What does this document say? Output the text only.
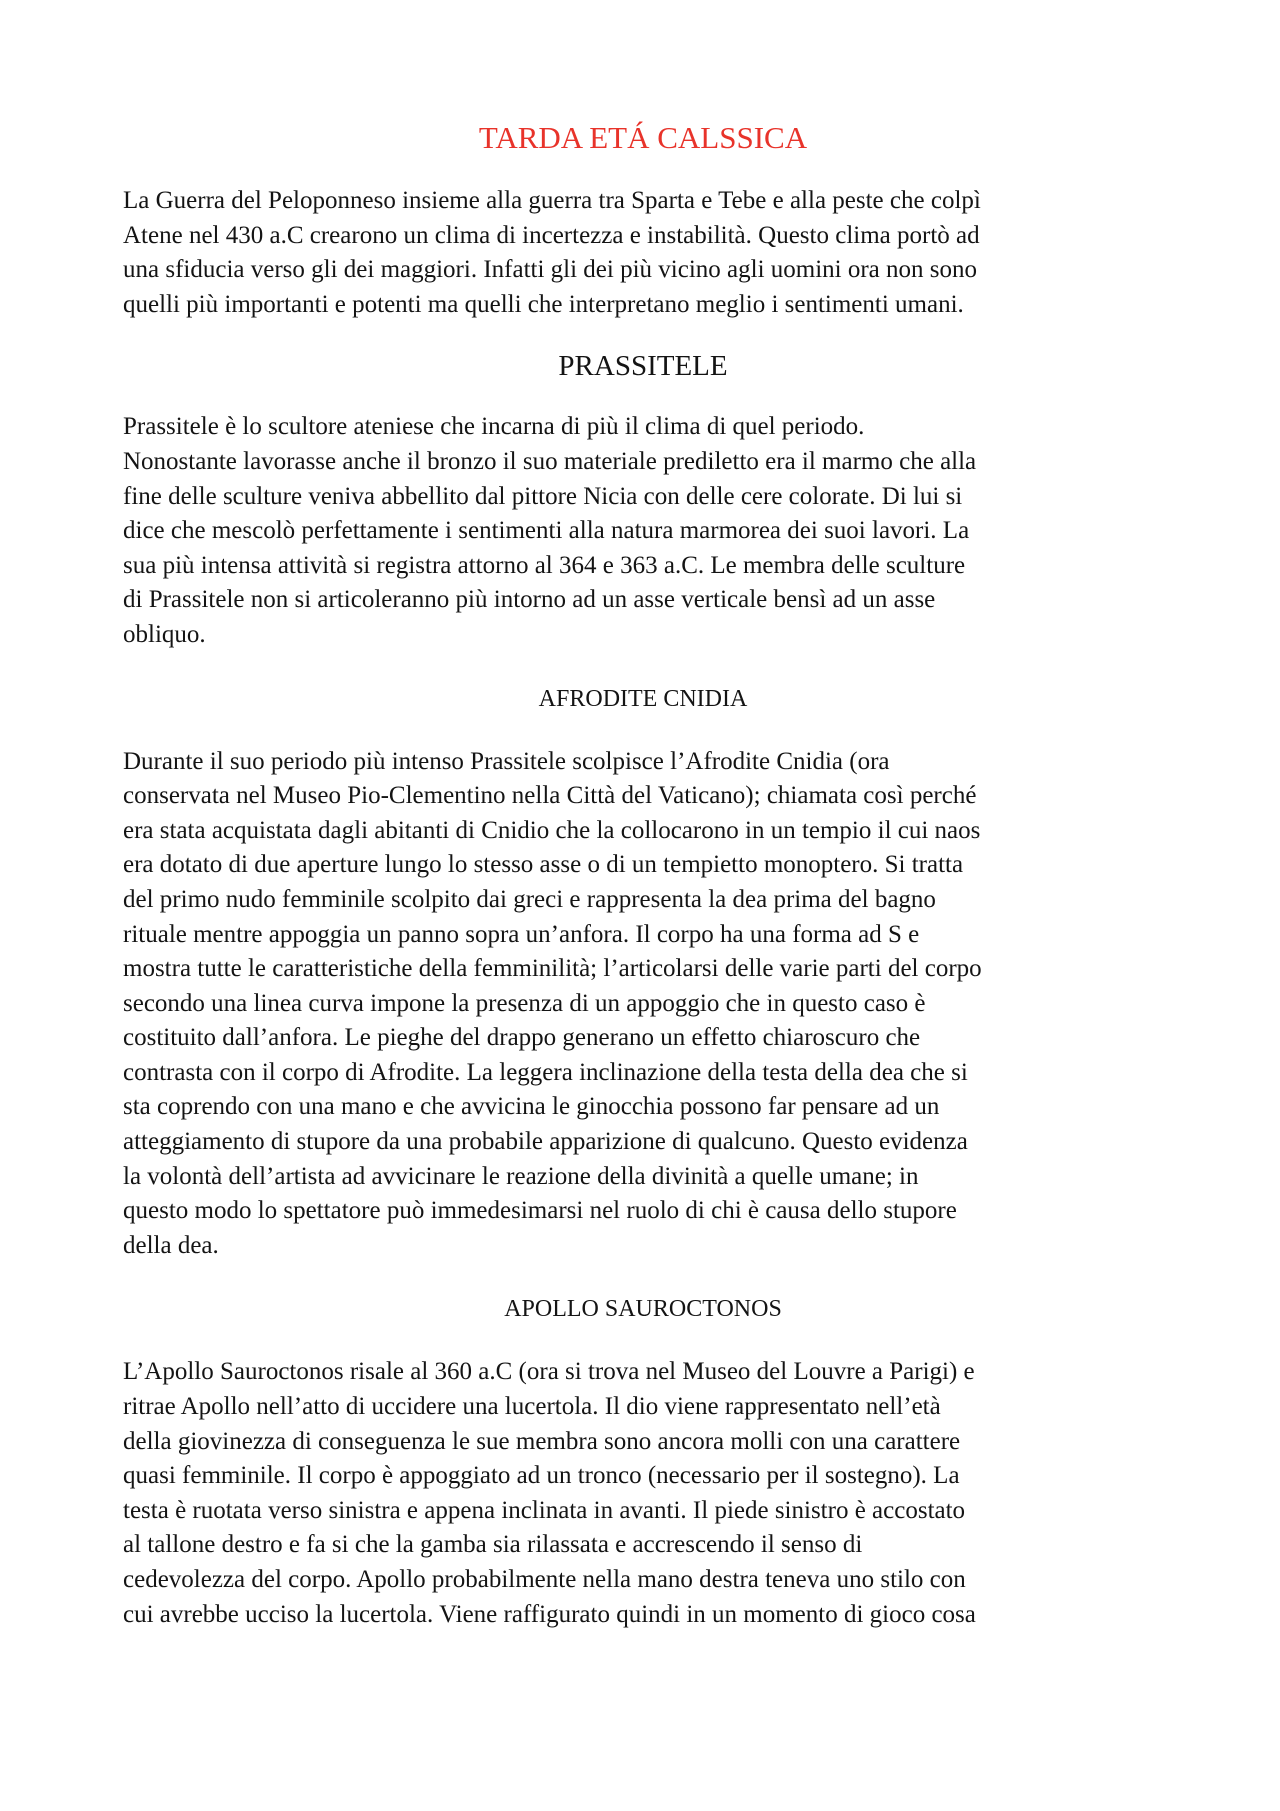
TARDA ETÁ CALSSICA

La Guerra del Peloponneso insieme alla guerra tra Sparta e Tebe e alla peste che colpì
Atene nel 430 a.C crearono un clima di incertezza e instabilità. Questo clima portò ad
una sfiducia verso gli dei maggiori. Infatti gli dei più vicino agli uomini ora non sono
quelli più importanti e potenti ma quelli che interpretano meglio i sentimenti umani.

PRASSITELE

Prassitele è lo scultore ateniese che incarna di più il clima di quel periodo.
Nonostante lavorasse anche il bronzo il suo materiale prediletto era il marmo che alla
fine delle sculture veniva abbellito dal pittore Nicia con delle cere colorate. Di lui si
dice che mescolò perfettamente i sentimenti alla natura marmorea dei suoi lavori. La
sua più intensa attività si registra attorno al 364 e 363 a.C. Le membra delle sculture
di Prassitele non si articoleranno più intorno ad un asse verticale bensì ad un asse
obliquo.

AFRODITE CNIDIA

Durante il suo periodo più intenso Prassitele scolpisce l’Afrodite Cnidia (ora
conservata nel Museo Pio-Clementino nella Città del Vaticano); chiamata così perché
era stata acquistata dagli abitanti di Cnidio che la collocarono in un tempio il cui naos
era dotato di due aperture lungo lo stesso asse o di un tempietto monoptero. Si tratta
del primo nudo femminile scolpito dai greci e rappresenta la dea prima del bagno
rituale mentre appoggia un panno sopra un’anfora. Il corpo ha una forma ad S e
mostra tutte le caratteristiche della femminilità; l’articolarsi delle varie parti del corpo
secondo una linea curva impone la presenza di un appoggio che in questo caso è
costituito dall’anfora. Le pieghe del drappo generano un effetto chiaroscuro che
contrasta con il corpo di Afrodite. La leggera inclinazione della testa della dea che si
sta coprendo con una mano e che avvicina le ginocchia possono far pensare ad un
atteggiamento di stupore da una probabile apparizione di qualcuno. Questo evidenza
la volontà dell’artista ad avvicinare le reazione della divinità a quelle umane; in
questo modo lo spettatore può immedesimarsi nel ruolo di chi è causa dello stupore
della dea.

APOLLO SAUROCTONOS

L’Apollo Sauroctonos risale al 360 a.C (ora si trova nel Museo del Louvre a Parigi) e
ritrae Apollo nell’atto di uccidere una lucertola. Il dio viene rappresentato nell’età
della giovinezza di conseguenza le sue membra sono ancora molli con una carattere
quasi femminile. Il corpo è appoggiato ad un tronco (necessario per il sostegno). La
testa è ruotata verso sinistra e appena inclinata in avanti. Il piede sinistro è accostato
al tallone destro e fa si che la gamba sia rilassata e accrescendo il senso di
cedevolezza del corpo. Apollo probabilmente nella mano destra teneva uno stilo con
cui avrebbe ucciso la lucertola. Viene raffigurato quindi in un momento di gioco cosa
